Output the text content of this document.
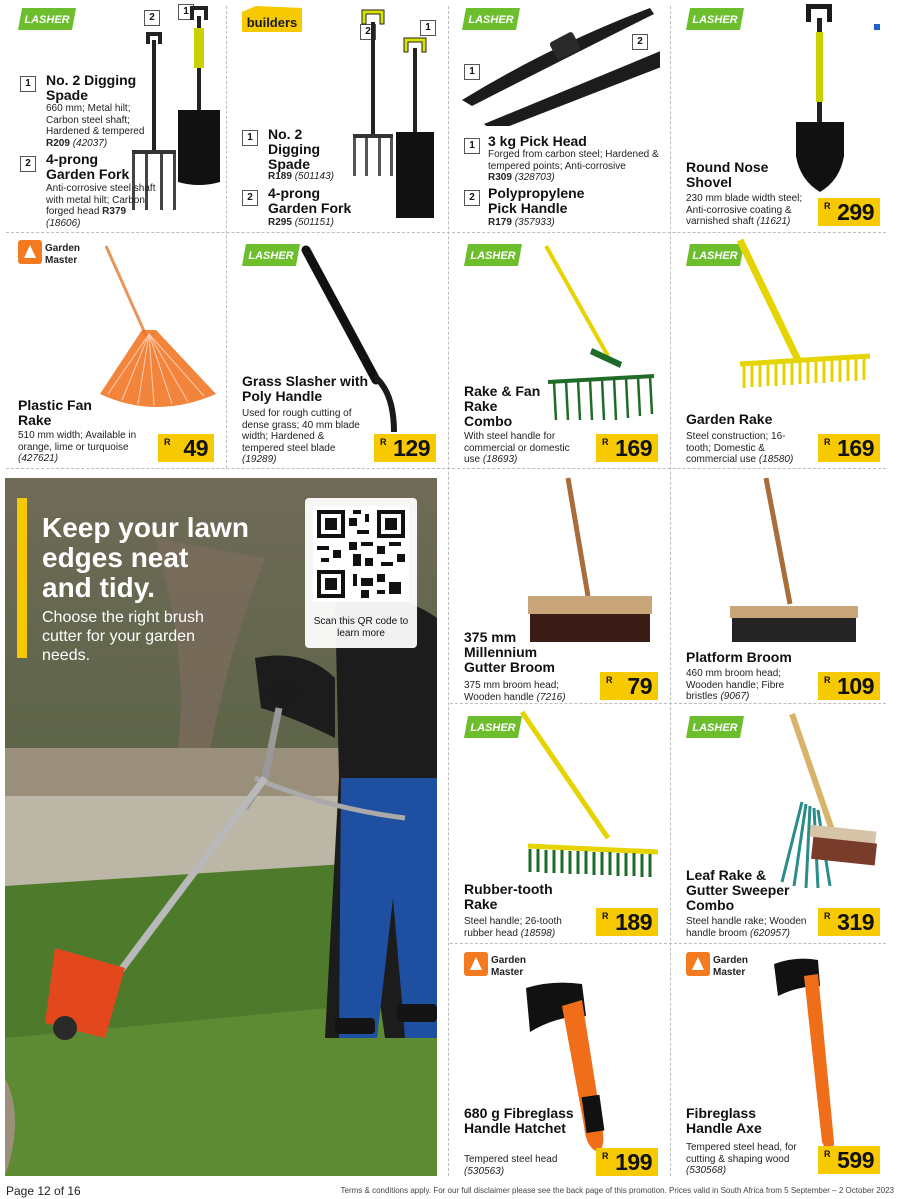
LASHER	2
1
1	No. 2 Digging Spade
660 mm; Metal hilt; Carbon steel shaft; Hardened & tempered
R209 (42037)
2	4-prong Garden Fork
Anti-corrosive steel shaft with metal hilt; Carbon forged head R379 (18606)
builders
2	1
1	No. 2 Digging Spade
R189 (501143)
2	4-prong Garden Fork
R295 (501151)
LASHER
1
2
1 3 kg Pick Head
Forged from carbon steel; Hardened & tempered points; Anti-corrosive
R309 (328703)
2 Polypropylene Pick Handle
R179 (357933)
LASHER
Round Nose Shovel
230 mm blade width steel; Anti-corrosive coating & varnished shaft (11621)
R 299
Garden
Master
Plastic Fan Rake
510 mm width; Available in orange, lime or turquoise (427621)
R 49
LASHER
Grass Slasher with Poly Handle
Used for rough cutting of dense grass; 40 mm blade width; Hardened & tempered steel blade (19289)
R 129
LASHER
Rake & Fan Rake Combo
With steel handle for commercial or domestic use (18693)
R 169
LASHER
Garden Rake
Steel construction; 16-tooth; Domestic & commercial use (18580)
R 169
Keep your lawn
edges neat
and tidy.
Choose the right brush cutter for your garden needs.
Scan this QR code to learn more	375 mm Millennium Gutter Broom
375 mm broom head; Wooden handle (7216)
R 79
Platform Broom
460 mm broom head; Wooden handle; Fibre bristles (9067)
R 109
LASHER
Rubber-tooth Rake
Steel handle; 26-tooth rubber head (18598)
R 189
LASHER
Leaf Rake & Gutter Sweeper Combo
Steel handle rake; Wooden handle broom (620957)
R 319
Garden
Master
680 g Fibreglass Handle Hatchet
Tempered steel head
(530563)
R 199
Garden
Master
Fibreglass Handle Axe
Tempered steel head, for cutting & shaping wood (530568)
R 599
Page 12 of 16	Terms & conditions apply. For our full disclaimer please see the back page of this promotion. Prices valid in South Africa from 5 September – 2 October 2023
